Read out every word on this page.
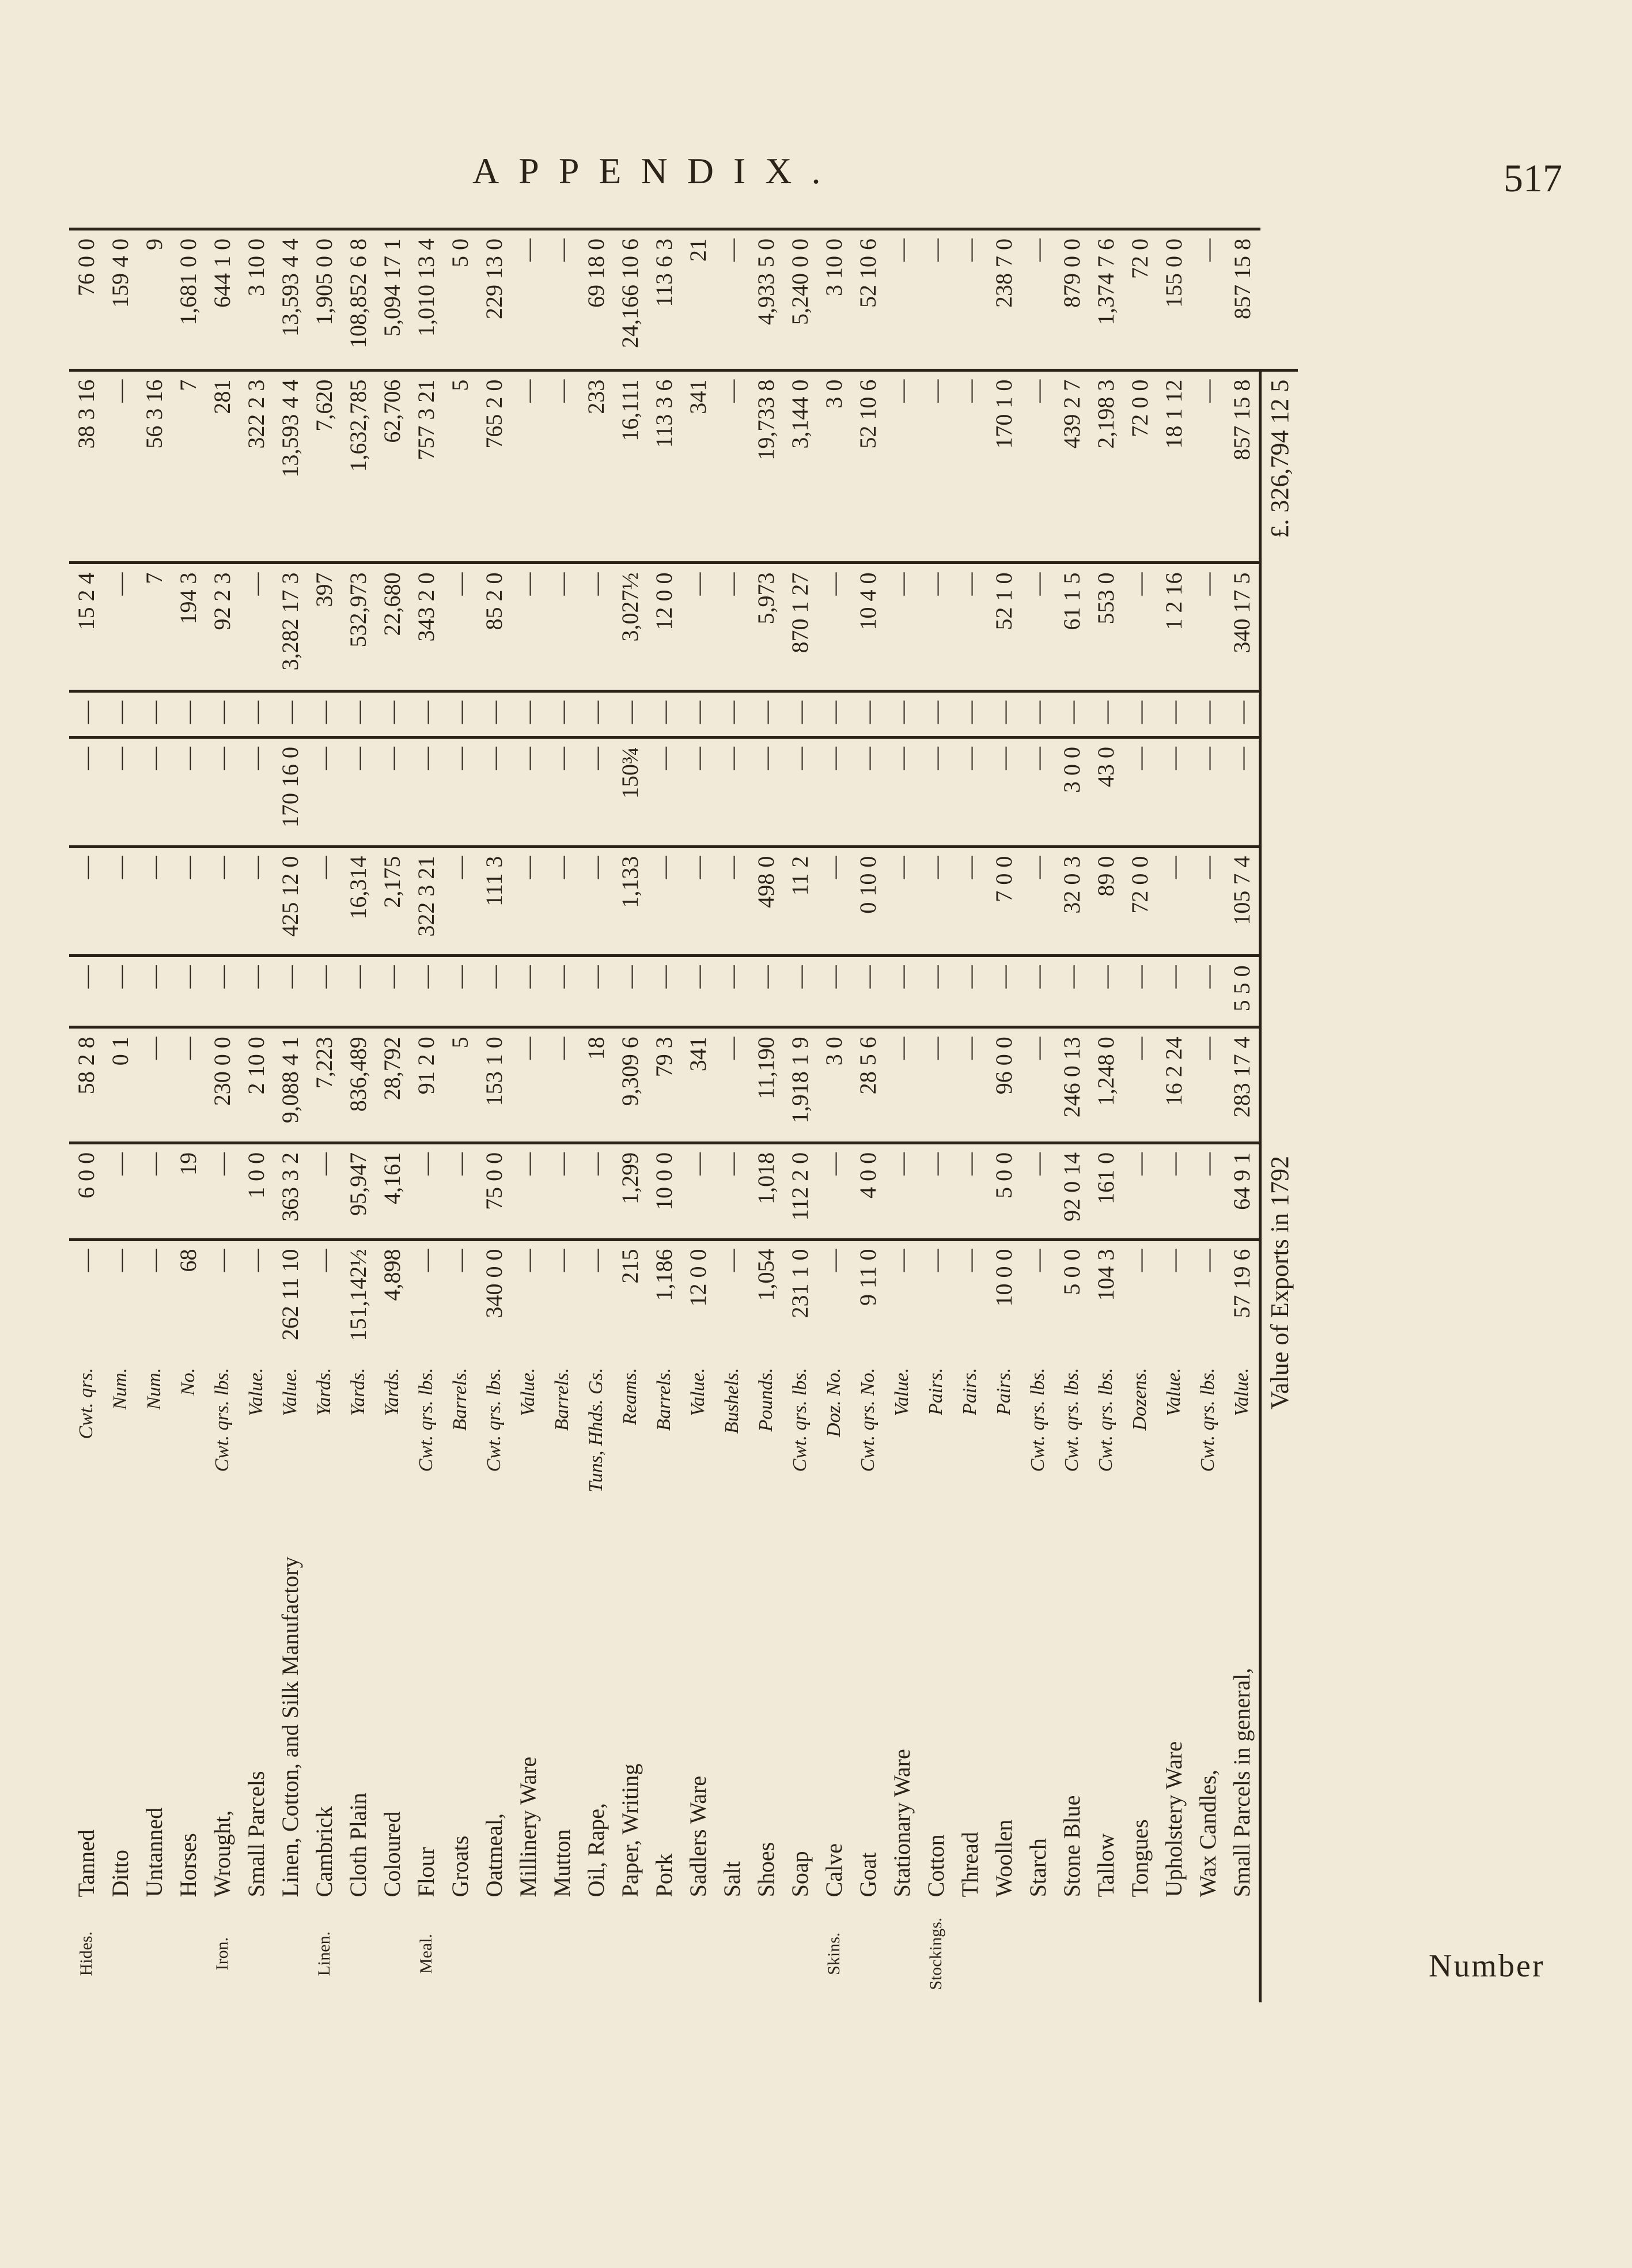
APPENDIX.	517
Hides.	Tanned	Cwt. qrs.	—	6 0 0	58 2 8	—	—	—	—	15 2 4	38 3 16	76 0 0
	Ditto	Num.	—	—	0 1	—	—	—	—	—	—	159 4 0
	Untanned	Num.	—	—	—	—	—	—	—	7	56 3 16	9
	Horses	No.	68	19	—	—	—	—	—	194 3	7	1,681 0 0
Iron.	Wrought,	Cwt. qrs. lbs.	—	—	230 0 0	—	—	—	—	92 2 3	281	644 1 0
	Small Parcels	Value.	—	1 0 0	2 10 0	—	—	—	—	—	322 2 3	3 10 0
	Linen, Cotton, and Silk Manufactory	Value.	262 11 10	363 3 2	9,088 4 1	—	425 12 0	170 16 0	—	3,282 17 3	13,593 4 4	13,593 4 4
Linen.	Cambrick	Yards.	—	—	7,223	—	—	—	—	397	7,620	1,905 0 0
	Cloth Plain	Yards.	151,142½	95,947	836,489	—	16,314	—	—	532,973	1,632,785	108,852 6 8
	Coloured	Yards.	4,898	4,161	28,792	—	2,175	—	—	22,680	62,706	5,094 17 1
Meal.	Flour	Cwt. qrs. lbs.	—	—	91 2 0	—	322 3 21	—	—	343 2 0	757 3 21	1,010 13 4
	Groats	Barrels.	—	—	5	—	—	—	—	—	5	5 0
	Oatmeal,	Cwt. qrs. lbs.	340 0 0	75 0 0	153 1 0	—	111 3	—	—	85 2 0	765 2 0	229 13 0
	Millinery Ware	Value.	—	—	—	—	—	—	—	—	—	—
	Mutton	Barrels.	—	—	—	—	—	—	—	—	—	—
	Oil, Rape,	Tuns, Hhds. Gs.	—	—	18	—	—	—	—	—	233	69 18 0
	Paper, Writing	Reams.	215	1,299	9,309 6	—	1,133	150¾	—	3,027½	16,111	24,166 10 6
	Pork	Barrels.	1,186	10 0 0	79 3	—	—	—	—	12 0 0	113 3 6	113 6 3
	Sadlers Ware	Value.	12 0 0	—	341	—	—	—	—	—	341	21
	Salt	Bushels.	—	—	—	—	—	—	—	—	—	—
	Shoes	Pounds.	1,054	1,018	11,190	—	498 0	—	—	5,973	19,733 8	4,933 5 0
	Soap	Cwt. qrs. lbs.	231 1 0	112 2 0	1,918 1 9	—	11 2	—	—	870 1 27	3,144 0	5,240 0 0
Skins.	Calve	Doz. No.	—	—	3 0	—	—	—	—	—	3 0	3 10 0
	Goat	Cwt. qrs. No.	9 11 0	4 0 0	28 5 6	—	0 10 0	—	—	10 4 0	52 10 6	52 10 6
	Stationary Ware	Value.	—	—	—	—	—	—	—	—	—	—
Stockings.	Cotton	Pairs.	—	—	—	—	—	—	—	—	—	—
	Thread	Pairs.	—	—	—	—	—	—	—	—	—	—
	Woollen	Pairs.	10 0 0	5 0 0	96 0 0	—	7 0 0	—	—	52 1 0	170 1 0	238 7 0
	Starch	Cwt. qrs. lbs.	—	—	—	—	—	—	—	—	—	—
	Stone Blue	Cwt. qrs. lbs.	5 0 0	92 0 14	246 0 13	—	32 0 3	3 0 0	—	61 1 5	439 2 7	879 0 0
	Tallow	Cwt. qrs. lbs.	104 3	161 0	1,248 0	—	89 0	43 0	—	553 0	2,198 3	1,374 7 6
	Tongues	Dozens.	—	—	—	—	72 0 0	—	—	—	72 0 0	72 0
	Upholstery Ware	Value.	—	—	16 2 24	—	—	—	—	1 2 16	18 1 12	155 0 0
	Wax Candles,	Cwt. qrs. lbs.	—	—	—	—	—	—	—	—	—	—
	Small Parcels in general,	Value.	57 19 6	64 9 1	283 17 4	5 5 0	105 7 4	—	—	340 17 5	857 15 8	857 15 8
Value of Exports in 1792											£. 326,794 12 5	
Number
